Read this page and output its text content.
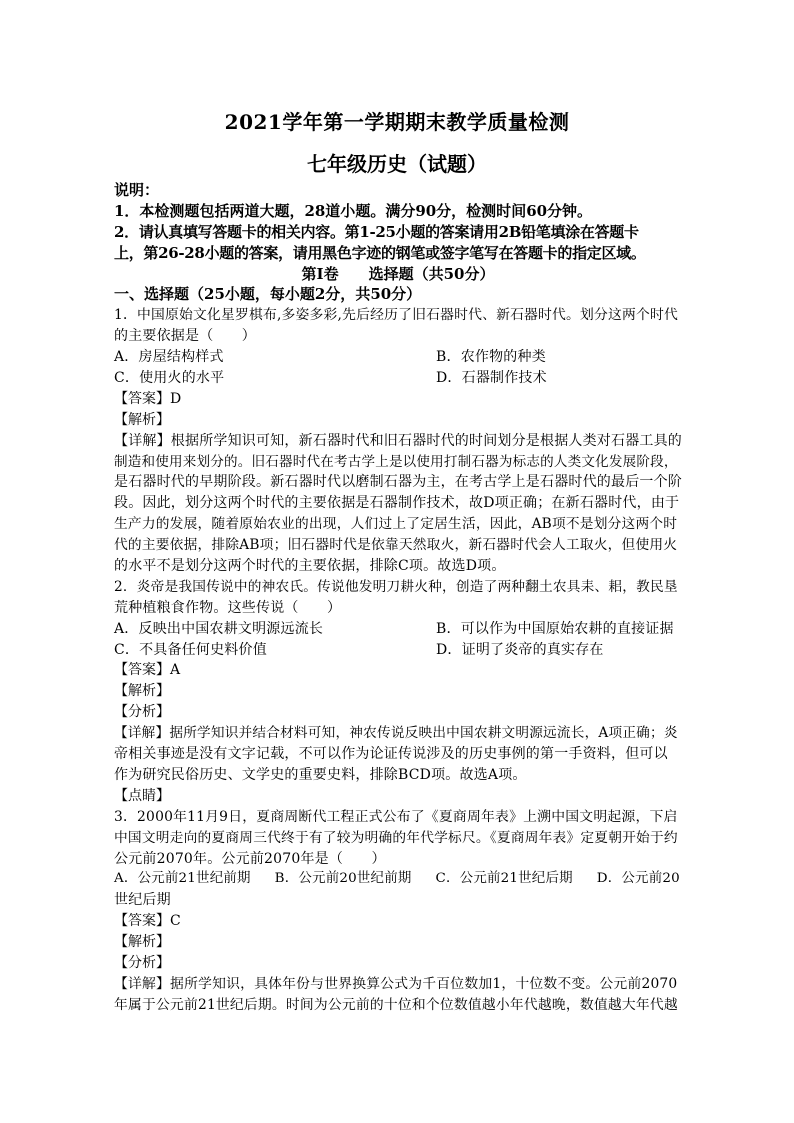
2021学年第一学期期末教学质量检测
七年级历史（试题）
说明：
1．本检测题包括两道大题，28道小题。满分90分，检测时间60分钟。
2．请认真填写答题卡的相关内容。第1-25小题的答案请用2B铅笔填涂在答题卡
上，第26-28小题的答案，请用黑色字迹的钢笔或签字笔写在答题卡的指定区域。
第Ⅰ卷　　选择题（共50分）
一、选择题（25小题，每小题2分，共50分）
1．中国原始文化星罗棋布,多姿多彩,先后经历了旧石器时代、新石器时代。划分这两个时代
的主要依据是（　　）
A．房屋结构样式	B．农作物的种类
C．使用火的水平	D．石器制作技术
【答案】D
【解析】
【详解】根据所学知识可知，新石器时代和旧石器时代的时间划分是根据人类对石器工具的
制造和使用来划分的。旧石器时代在考古学上是以使用打制石器为标志的人类文化发展阶段，
是石器时代的早期阶段。新石器时代以磨制石器为主，在考古学上是石器时代的最后一个阶
段。因此，划分这两个时代的主要依据是石器制作技术，故D项正确；在新石器时代，由于
生产力的发展，随着原始农业的出现，人们过上了定居生活，因此，AB项不是划分这两个时
代的主要依据，排除AB项；旧石器时代是依靠天然取火，新石器时代会人工取火，但使用火
的水平不是划分这两个时代的主要依据，排除C项。故选D项。
2．炎帝是我国传说中的神农氏。传说他发明刀耕火种，创造了两种翻土农具耒、耜，教民垦
荒种植粮食作物。这些传说（　　）
A．反映出中国农耕文明源远流长	B．可以作为中国原始农耕的直接证据
C．不具备任何史料价值	D．证明了炎帝的真实存在
【答案】A
【解析】
【分析】
【详解】据所学知识并结合材料可知，神农传说反映出中国农耕文明源远流长，A项正确；炎
帝相关事迹是没有文字记载，不可以作为论证传说涉及的历史事例的第一手资料，但可以
作为研究民俗历史、文学史的重要史料，排除BCD项。故选A项。
【点睛】
3．2000年11月9日，夏商周断代工程正式公布了《夏商周年表》上溯中国文明起源，下启
中国文明走向的夏商周三代终于有了较为明确的年代学标尺。《夏商周年表》定夏朝开始于约
公元前2070年。公元前2070年是（　　）
A．公元前21世纪前期 B．公元前20世纪前期 C．公元前21世纪后期 D．公元前20
世纪后期
【答案】C
【解析】
【分析】
【详解】据所学知识，具体年份与世界换算公式为千百位数加1，十位数不变。公元前2070
年属于公元前21世纪后期。时间为公元前的十位和个位数值越小年代越晚，数值越大年代越
